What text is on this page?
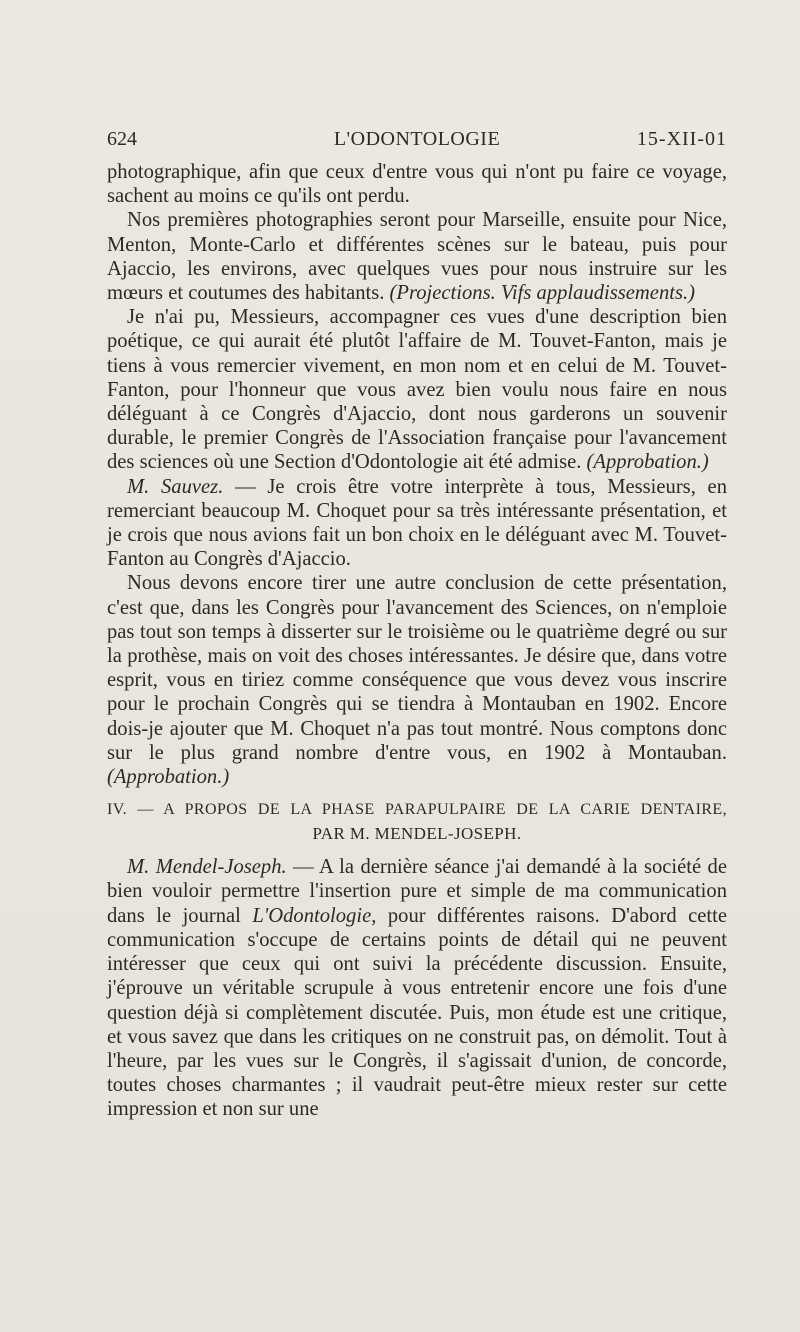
624	L'ODONTOLOGIE	15-XII-01

photographique, afin que ceux d'entre vous qui n'ont pu faire ce voyage, sachent au moins ce qu'ils ont perdu.

Nos premières photographies seront pour Marseille, ensuite pour Nice, Menton, Monte-Carlo et différentes scènes sur le bateau, puis pour Ajaccio, les environs, avec quelques vues pour nous instruire sur les mœurs et coutumes des habitants. (Projections. Vifs applaudissements.)

Je n'ai pu, Messieurs, accompagner ces vues d'une description bien poétique, ce qui aurait été plutôt l'affaire de M. Touvet-Fanton, mais je tiens à vous remercier vivement, en mon nom et en celui de M. Touvet-Fanton, pour l'honneur que vous avez bien voulu nous faire en nous déléguant à ce Congrès d'Ajaccio, dont nous garderons un souvenir durable, le premier Congrès de l'Association française pour l'avancement des sciences où une Section d'Odontologie ait été admise. (Approbation.)

M. Sauvez. — Je crois être votre interprète à tous, Messieurs, en remerciant beaucoup M. Choquet pour sa très intéressante présentation, et je crois que nous avions fait un bon choix en le déléguant avec M. Touvet-Fanton au Congrès d'Ajaccio.

Nous devons encore tirer une autre conclusion de cette présentation, c'est que, dans les Congrès pour l'avancement des Sciences, on n'emploie pas tout son temps à disserter sur le troisième ou le quatrième degré ou sur la prothèse, mais on voit des choses intéressantes. Je désire que, dans votre esprit, vous en tiriez comme conséquence que vous devez vous inscrire pour le prochain Congrès qui se tiendra à Montauban en 1902. Encore dois-je ajouter que M. Choquet n'a pas tout montré. Nous comptons donc sur le plus grand nombre d'entre vous, en 1902 à Montauban. (Approbation.)

IV. — A PROPOS DE LA PHASE PARAPULPAIRE DE LA CARIE DENTAIRE,
PAR M. MENDEL-JOSEPH.

M. Mendel-Joseph. — A la dernière séance j'ai demandé à la société de bien vouloir permettre l'insertion pure et simple de ma communication dans le journal L'Odontologie, pour différentes raisons. D'abord cette communication s'occupe de certains points de détail qui ne peuvent intéresser que ceux qui ont suivi la précédente discussion. Ensuite, j'éprouve un véritable scrupule à vous entretenir encore une fois d'une question déjà si complètement discutée. Puis, mon étude est une critique, et vous savez que dans les critiques on ne construit pas, on démolit. Tout à l'heure, par les vues sur le Congrès, il s'agissait d'union, de concorde, toutes choses charmantes ; il vaudrait peut-être mieux rester sur cette impression et non sur une
